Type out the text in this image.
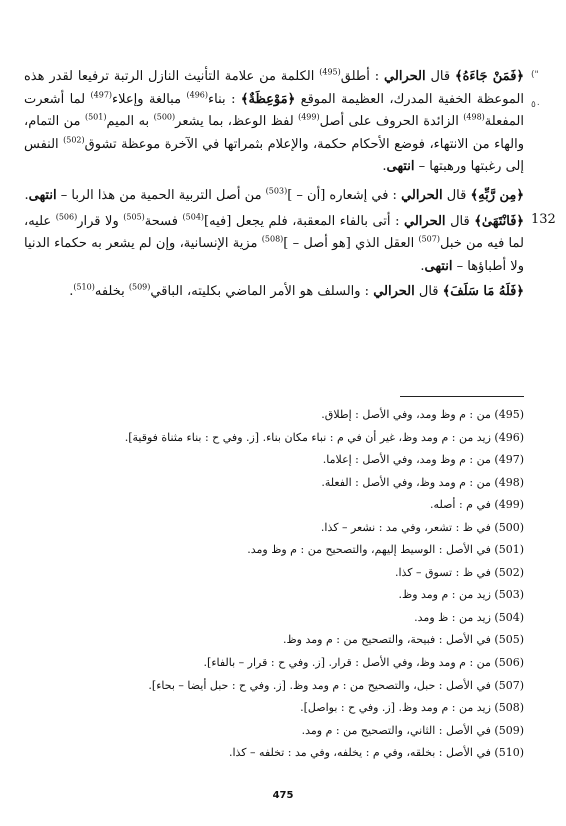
("
٥٠
132

﴿فَمَنْ جَاءَهُ﴾ قال الحرالي : أطلق$^{(495)}$ الكلمة من علامة التأنيث النازل الرتبة ترفيعا لقدر هذه الموعظة الخفية المدرك، العظيمة الموقع ﴿مَوْعِظَةٌ﴾ : بناء$^{(496)}$ مبالغة وإعلاء$^{(497)}$ لما أشعرت المفعلة$^{(498)}$ الزائدة الحروف على أصل$^{(499)}$ لفظ الوعظ، بما يشعر$^{(500)}$ به الميم$^{(501)}$ من التمام، والهاء من الانتهاء، فوضع الأحكام حكمة، والإعلام بثمراتها في الآخرة موعظة تشوق$^{(502)}$ النفس إلى رغبتها ورهبتها – انتهى.

﴿مِن رَّبِّهِ﴾ قال الحرالي : في إشعاره [أن – ]$^{(503)}$ من أصل التربية الحمية من هذا الربا – انتهى.

﴿فَانْتَهَىٰ﴾ قال الحرالي : أتى بالفاء المعقبة، فلم يجعل [فيه]$^{(504)}$ فسحة$^{(505)}$ ولا قرار$^{(506)}$ عليه، لما فيه من خبل$^{(507)}$ العقل الذي [هو أصل – ]$^{(508)}$ مزية الإنسانية، وإن لم يشعر به حكماء الدنيا ولا أطباؤها – انتهى.

﴿فَلَهُ مَا سَلَفَ﴾ قال الحرالي : والسلف هو الأمر الماضي بكليته، الباقي$^{(509)}$ بخلفه$^{(510)}$.

(495) من : م وظ ومد، وفي الأصل : إطلاق.
(496) زيد من : م ومد وظ، غير أن في م : نباء مكان بناء. [ز. وفي ح : بناء مثناة فوقية].
(497) من : م وظ ومد، وفي الأصل : إعلاما.
(498) من : م ومد وظ، وفي الأصل : الفعلة.
(499) في م : أصله.
(500) في ظ : تشعر، وفي مد : نشعر – كذا.
(501) في الأصل : الوسيط إليهم، والتصحيح من : م وظ ومد.
(502) في ظ : تسوق – كذا.
(503) زيد من : م ومد وظ.
(504) زيد من : ظ ومد.
(505) في الأصل : فبيحة، والتصحيح من : م ومد وظ.
(506) من : م ومد وظ، وفي الأصل : قرار. [ز. وفي ح : قرار – بالفاء].
(507) في الأصل : حبل، والتصحيح من : م ومد وظ. [ز. وفي ح : حبل أيضا – بحاء].
(508) زيد من : م ومد وظ. [ز. وفي ح : بواصل].
(509) في الأصل : الثاني، والتصحيح من : م ومد.
(510) في الأصل : بخلقه، وفي م : يخلفه، وفي مد : تخلفه – كذا.
475
